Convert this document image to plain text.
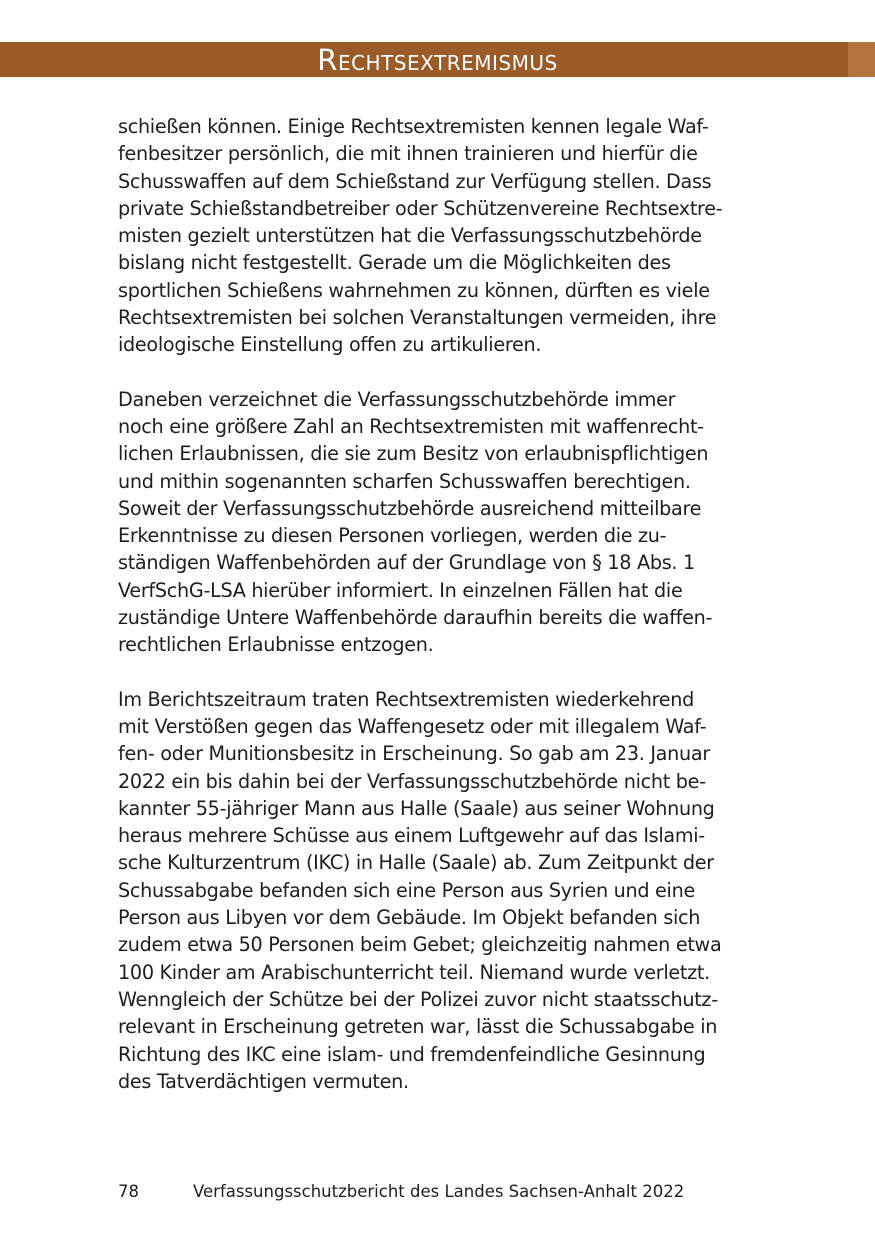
Rechtsextremismus

schießen können. Einige Rechtsextremisten kennen legale Waf-
fenbesitzer persönlich, die mit ihnen trainieren und hierfür die
Schusswaffen auf dem Schießstand zur Verfügung stellen. Dass
private Schießstandbetreiber oder Schützenvereine Rechtsextre-
misten gezielt unterstützen hat die Verfassungsschutzbehörde
bislang nicht festgestellt. Gerade um die Möglichkeiten des
sportlichen Schießens wahrnehmen zu können, dürften es viele
Rechtsextremisten bei solchen Veranstaltungen vermeiden, ihre
ideologische Einstellung offen zu artikulieren.

Daneben verzeichnet die Verfassungsschutzbehörde immer
noch eine größere Zahl an Rechtsextremisten mit waffenrecht-
lichen Erlaubnissen, die sie zum Besitz von erlaubnispflichtigen
und mithin sogenannten scharfen Schusswaffen berechtigen.
Soweit der Verfassungsschutzbehörde ausreichend mitteilbare
Erkenntnisse zu diesen Personen vorliegen, werden die zu-
ständigen Waffenbehörden auf der Grundlage von § 18 Abs. 1
VerfSchG-LSA hierüber informiert. In einzelnen Fällen hat die
zuständige Untere Waffenbehörde daraufhin bereits die waffen-
rechtlichen Erlaubnisse entzogen.

Im Berichtszeitraum traten Rechtsextremisten wiederkehrend
mit Verstößen gegen das Waffengesetz oder mit illegalem Waf-
fen- oder Munitionsbesitz in Erscheinung. So gab am 23. Januar
2022 ein bis dahin bei der Verfassungsschutzbehörde nicht be-
kannter 55-jähriger Mann aus Halle (Saale) aus seiner Wohnung
heraus mehrere Schüsse aus einem Luftgewehr auf das Islami-
sche Kulturzentrum (IKC) in Halle (Saale) ab. Zum Zeitpunkt der
Schussabgabe befanden sich eine Person aus Syrien und eine
Person aus Libyen vor dem Gebäude. Im Objekt befanden sich
zudem etwa 50 Personen beim Gebet; gleichzeitig nahmen etwa
100 Kinder am Arabischunterricht teil. Niemand wurde verletzt.
Wenngleich der Schütze bei der Polizei zuvor nicht staatsschutz-
relevant in Erscheinung getreten war, lässt die Schussabgabe in
Richtung des IKC eine islam- und fremdenfeindliche Gesinnung
des Tatverdächtigen vermuten.

78	Verfassungsschutzbericht des Landes Sachsen-Anhalt 2022
